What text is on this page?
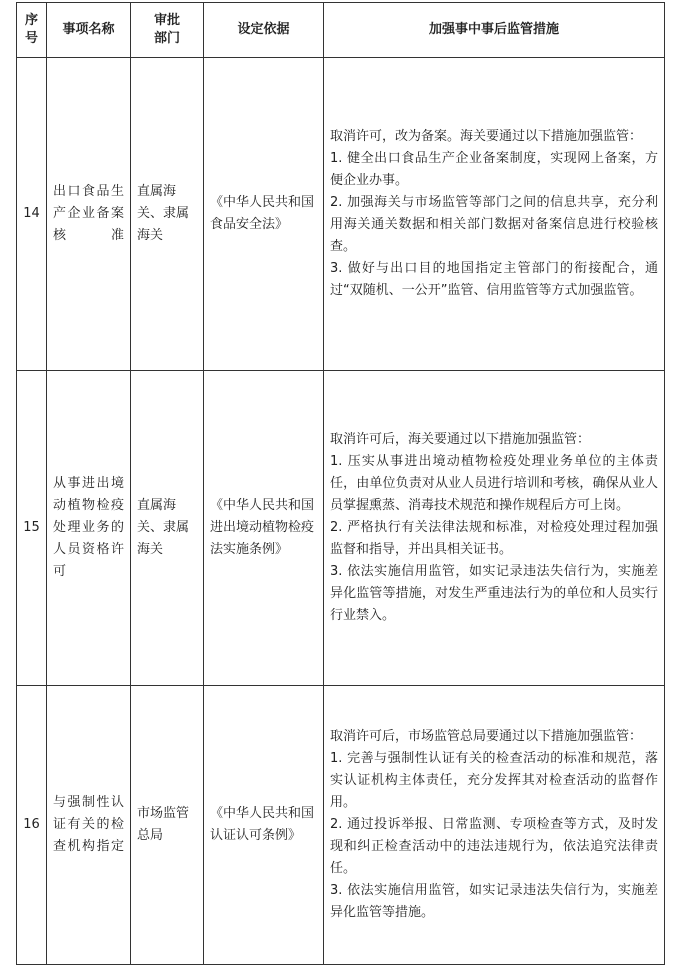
序号	事项名称	审批部门	设定依据	加强事中事后监管措施
14	出口食品生产企业备案核准	直属海关、隶属海关	《中华人民共和国食品安全法》	取消许可，改为备案。海关要通过以下措施加强监管：

1. 健全出口食品生产企业备案制度，实现网上备案，方便企业办事。

2. 加强海关与市场监管等部门之间的信息共享，充分利用海关通关数据和相关部门数据对备案信息进行校验核查。

3. 做好与出口目的地国指定主管部门的衔接配合，通过“双随机、一公开”监管、信用监管等方式加强监管。

15	从事进出境动植物检疫处理业务的人员资格许可	直属海关、隶属海关	《中华人民共和国进出境动植物检疫法实施条例》	取消许可后，海关要通过以下措施加强监管：

1. 压实从事进出境动植物检疫处理业务单位的主体责任，由单位负责对从业人员进行培训和考核，确保从业人员掌握熏蒸、消毒技术规范和操作规程后方可上岗。

2. 严格执行有关法律法规和标准，对检疫处理过程加强监督和指导，并出具相关证书。

3. 依法实施信用监管，如实记录违法失信行为，实施差异化监管等措施，对发生严重违法行为的单位和人员实行行业禁入。

16	与强制性认证有关的检查机构指定	市场监管总局	《中华人民共和国认证认可条例》	取消许可后，市场监管总局要通过以下措施加强监管：

1. 完善与强制性认证有关的检查活动的标准和规范，落实认证机构主体责任，充分发挥其对检查活动的监督作用。

2. 通过投诉举报、日常监测、专项检查等方式，及时发现和纠正检查活动中的违法违规行为，依法追究法律责任。

3. 依法实施信用监管，如实记录违法失信行为，实施差异化监管等措施。
